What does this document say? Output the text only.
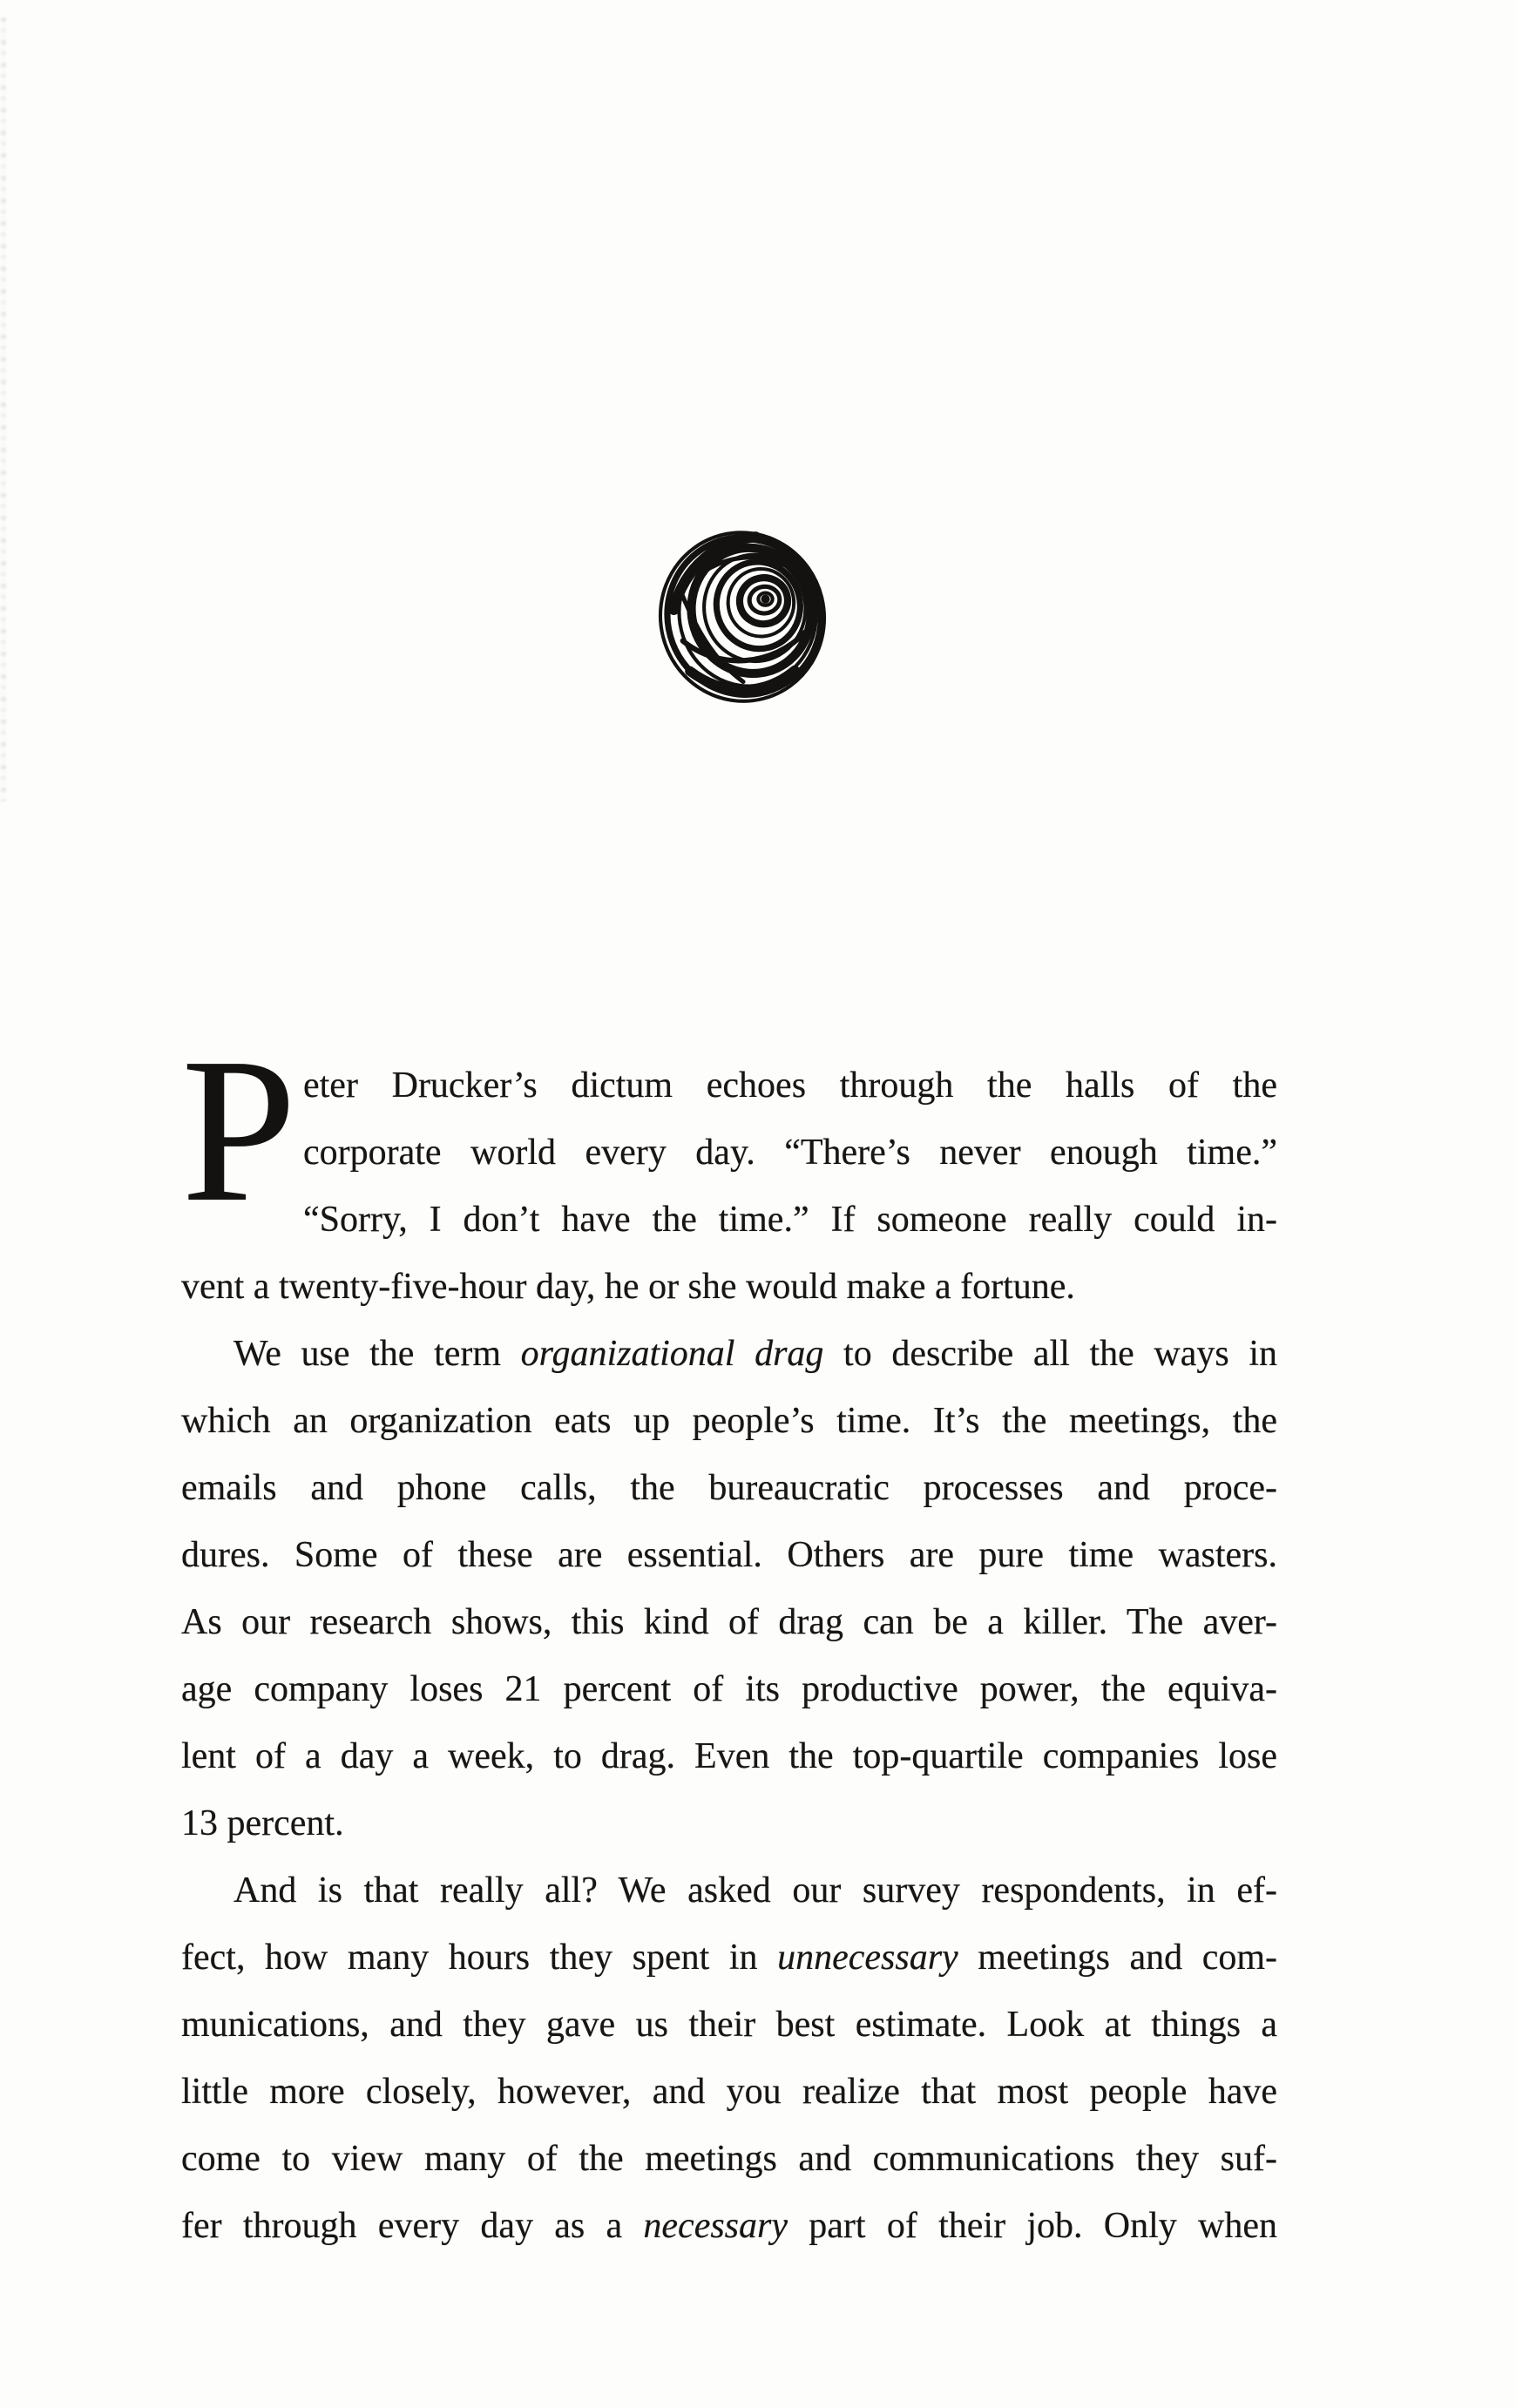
P eter Drucker’s dictum echoes through the halls of the
corporate world every day. “There’s never enough time.”
“Sorry, I don’t have the time.” If someone really could in-
vent a twenty-five-hour day, he or she would make a fortune.
We use the term organizational drag to describe all the ways in
which an organization eats up people’s time. It’s the meetings, the
emails and phone calls, the bureaucratic processes and proce-
dures. Some of these are essential. Others are pure time wasters.
As our research shows, this kind of drag can be a killer. The aver-
age company loses 21 percent of its productive power, the equiva-
lent of a day a week, to drag. Even the top-quartile companies lose
13 percent.
And is that really all? We asked our survey respondents, in ef-
fect, how many hours they spent in unnecessary meetings and com-
munications, and they gave us their best estimate. Look at things a
little more closely, however, and you realize that most people have
come to view many of the meetings and communications they suf-
fer through every day as a necessary part of their job. Only when
